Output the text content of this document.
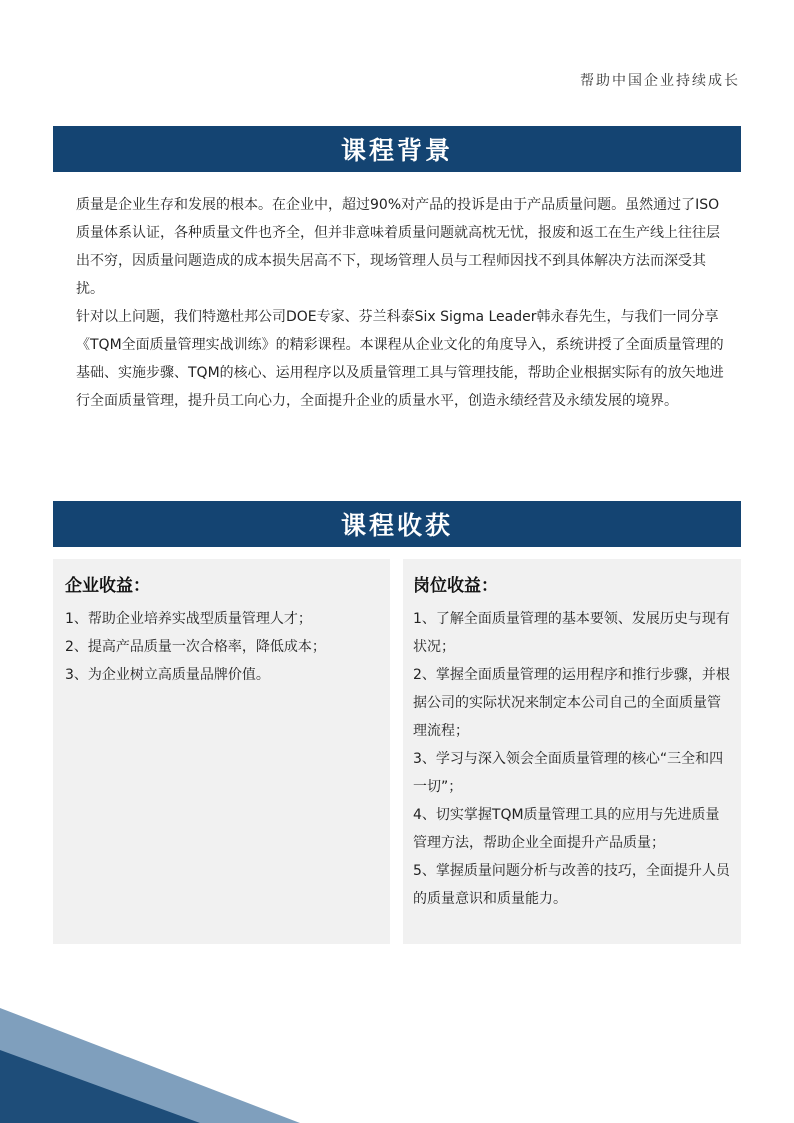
帮助中国企业持续成长
课程背景

质量是企业生存和发展的根本。在企业中，超过90%对产品的投诉是由于产品质量问题。虽然通过了ISO质量体系认证，各种质量文件也齐全，但并非意味着质量问题就高枕无忧，报废和返工在生产线上往往层出不穷，因质量问题造成的成本损失居高不下，现场管理人员与工程师因找不到具体解决方法而深受其扰。

针对以上问题，我们特邀杜邦公司DOE专家、芬兰科泰Six Sigma Leader韩永春先生，与我们一同分享《TQM全面质量管理实战训练》的精彩课程。本课程从企业文化的角度导入，系统讲授了全面质量管理的基础、实施步骤、TQM的核心、运用程序以及质量管理工具与管理技能，帮助企业根据实际有的放矢地进行全面质量管理，提升员工向心力，全面提升企业的质量水平，创造永绩经营及永绩发展的境界。

课程收获
企业收益：
1、帮助企业培养实战型质量管理人才；
2、提高产品质量一次合格率，降低成本；
3、为企业树立高质量品牌价值。
岗位收益：
1、了解全面质量管理的基本要领、发展历史与现有状况；
2、掌握全面质量管理的运用程序和推行步骤，并根据公司的实际状况来制定本公司自己的全面质量管理流程；
3、学习与深入领会全面质量管理的核心“三全和四一切”；
4、切实掌握TQM质量管理工具的应用与先进质量管理方法，帮助企业全面提升产品质量；
5、掌握质量问题分析与改善的技巧，全面提升人员的质量意识和质量能力。
